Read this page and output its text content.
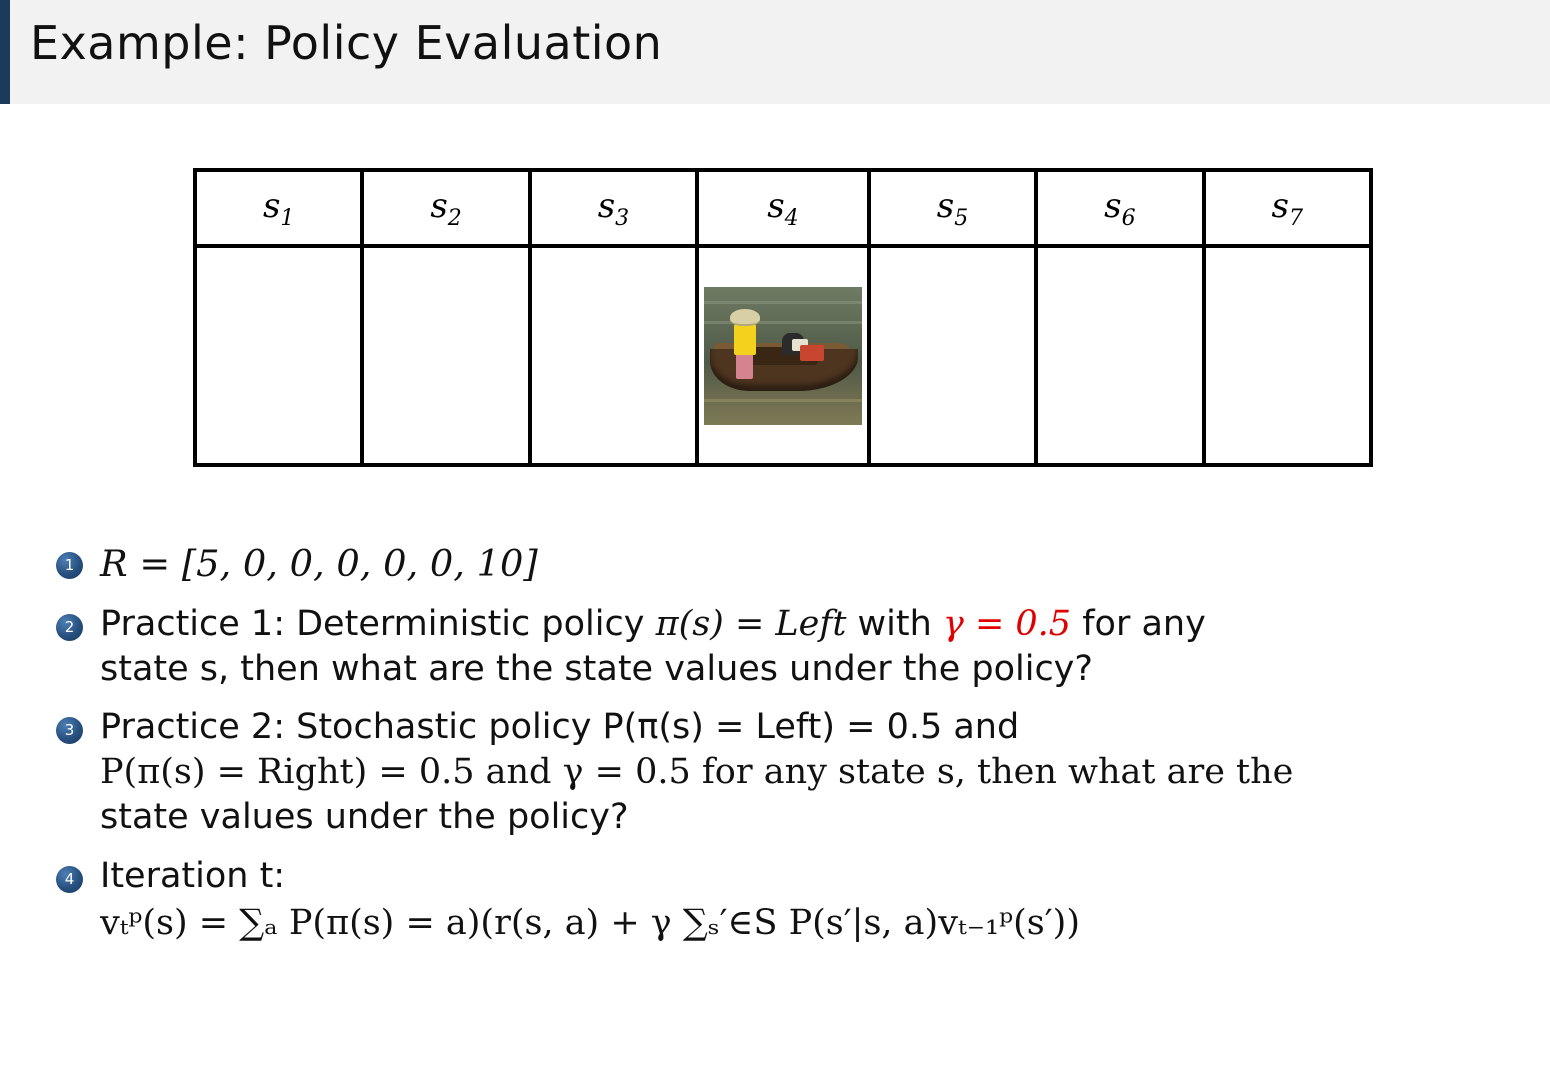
Example: Policy Evaluation
$s_1$	$s_2$	$s_3$	$s_4$	$s_5$	$s_6$	$s_7$

1 R = [5, 0, 0, 0, 0, 0, 10]
2 Practice 1: Deterministic policy π(s) = Left with γ = 0.5 for any
state s, then what are the state values under the policy?
3 Practice 2: Stochastic policy P(π(s) = Left) = 0.5 and
P(π(s) = Right) = 0.5 and γ = 0.5 for any state s, then what are the
state values under the policy?
4 Iteration t:
vₜᵖ(s) = ∑ₐ P(π(s) = a)(r(s, a) + γ ∑ₛ′∈S P(s′|s, a)vₜ₋₁ᵖ(s′))
